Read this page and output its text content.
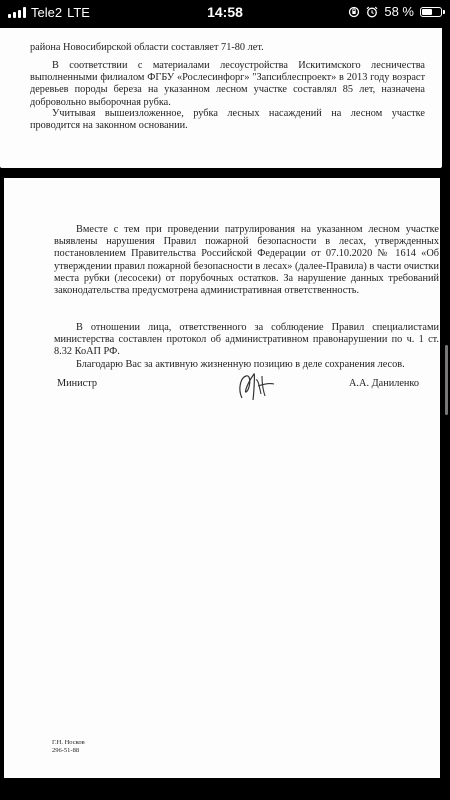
Tele2 LTE	14:58	58 %

района Новосибирской области составляет 71-80 лет.

В соответствии с материалами лесоустройства Искитимского лесничества выполненными филиалом ФГБУ «Рослесинфорг» "Запсиблеспроект» в 2013 году возраст деревьев породы береза на указанном лесном участке составлял 85 лет, назначена добровольно выборочная рубка.

Учитывая вышеизложенное, рубка лесных насаждений на лесном участке проводится на законном основании.

Вместе с тем при проведении патрулирования на указанном лесном участке выявлены нарушения Правил пожарной безопасности в лесах, утвержденных постановлением Правительства Российской Федерации от 07.10.2020 № 1614 «Об утверждении правил пожарной безопасности в лесах» (далее-Правила) в части очистки места рубки (лесосеки) от порубочных остатков. За нарушение данных требований законодательства предусмотрена административная ответственность.

В отношении лица, ответственного за соблюдение Правил специалистами министерства составлен протокол об административном правонарушении по ч. 1 ст. 8.32 КоАП РФ.

Благодарю Вас за активную жизненную позицию в деле сохранения лесов.

Министр	А.А. Даниленко
Г.Н. Носков
296-51-88
